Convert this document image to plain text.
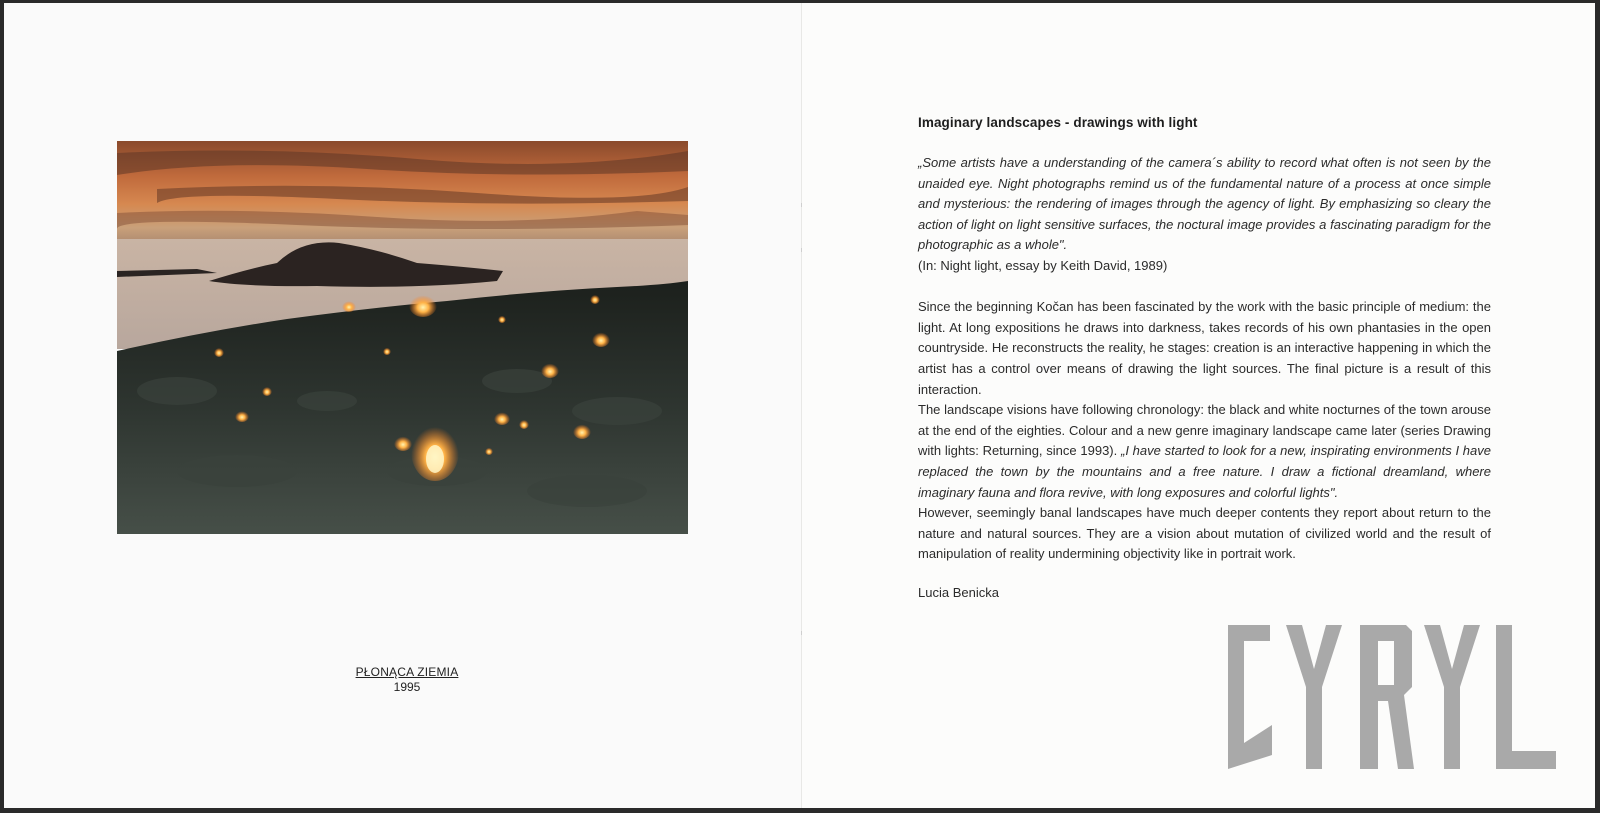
PŁONĄCA ZIEMIA
1995
Imaginary landscapes - drawings with light
„Some artists have a understanding of the camera´s ability to record what often is not seen by the unaided eye. Night photographs remind us of the fundamental nature of a process at once simple and mysterious: the rendering of images through the agency of light. By emphasizing so cleary the action of light on light sensitive surfaces, the noctural image provides a fascinating paradigm for the photographic as a whole".
(In: Night light, essay by Keith David, 1989)
Since the beginning Kočan has been fascinated by the work with the basic principle of medium: the light. At long expositions he draws into darkness, takes records of his own phantasies in the open countryside. He reconstructs the reality, he stages: creation is an interactive happening in which the artist has a control over means of drawing the light sources. The final picture is a result of this interaction.
The landscape visions have following chronology: the black and white nocturnes of the town arouse at the end of the eighties. Colour and a new genre imaginary landscape came later (series Drawing with lights: Returning, since 1993). „I have started to look for a new, inspirating environments I have replaced the town by the mountains and a free nature. I draw a fictional dreamland, where imaginary fauna and flora revive, with long exposures and colorful lights".
However, seemingly banal landscapes have much deeper contents they report about return to the nature and natural sources. They are a vision about mutation of civilized world and the result of manipulation of reality undermining objectivity like in portrait work.
Lucia Benicka
